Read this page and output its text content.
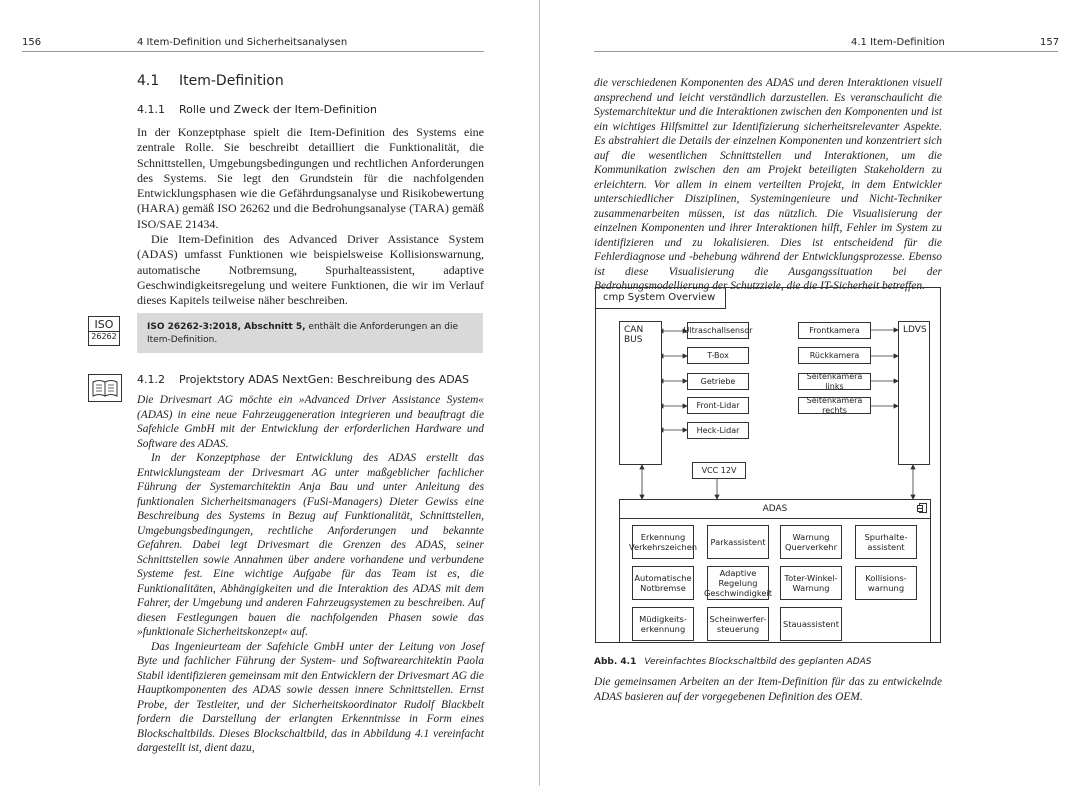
156	4 Item-Definition und Sicherheitsanalysen
4.1 Item-Definition
4.1.1 Rolle und Zweck der Item-Definition

In der Konzeptphase spielt die Item-Definition des Systems eine zentrale Rolle. Sie beschreibt detailliert die Funktionalität, die Schnittstellen, Umgebungsbedingungen und rechtlichen Anforderungen des Systems. Sie legt den Grundstein für die nachfolgenden Entwicklungsphasen wie die Gefährdungsanalyse und Risikobewertung (HARA) gemäß ISO 26262 und die Bedrohungsanalyse (TARA) gemäß ISO/SAE 21434.

Die Item-Definition des Advanced Driver Assistance System (ADAS) umfasst Funktionen wie beispielsweise Kollisionswarnung, automatische Notbremsung, Spurhalteassistent, adaptive Geschwindigkeitsregelung und weitere Funktionen, die wir im Verlauf dieses Kapitels teilweise näher beschreiben.

ISO
26262
ISO 26262-3:2018, Abschnitt 5, enthält die Anforderungen an die Item-Definition.
4.1.2 Projektstory ADAS NextGen: Beschreibung des ADAS

Die Drivesmart AG möchte ein »Advanced Driver Assistance System« (ADAS) in eine neue Fahrzeuggeneration integrieren und beauftragt die Safehicle GmbH mit der Entwicklung der erforderlichen Hardware und Software des ADAS.

In der Konzeptphase der Entwicklung des ADAS erstellt das Entwicklungsteam der Drivesmart AG unter maßgeblicher fachlicher Führung der Systemarchitektin Anja Bau und unter Anleitung des funktionalen Sicherheitsmanagers (FuSi-Managers) Dieter Gewiss eine Beschreibung des Systems in Bezug auf Funktionalität, Schnittstellen, Umgebungsbedingungen, rechtliche Anforderungen und bekannte Gefahren. Dabei legt Drivesmart die Grenzen des ADAS, seiner Schnittstellen sowie Annahmen über andere vorhandene und verbundene Systeme fest. Eine wichtige Aufgabe für das Team ist es, die Funktionalitäten, Abhängigkeiten und die Interaktion des ADAS mit dem Fahrer, der Umgebung und anderen Fahrzeugsystemen zu beschreiben. Auf diesen Festlegungen bauen die nachfolgenden Phasen sowie das »funktionale Sicherheitskonzept« auf.

Das Ingenieurteam der Safehicle GmbH unter der Leitung von Josef Byte und fachlicher Führung der System- und Softwarearchitektin Paola Stabil identifizieren gemeinsam mit den Entwicklern der Drivesmart AG die Hauptkomponenten des ADAS sowie dessen innere Schnittstellen. Ernst Probe, der Testleiter, und der Sicherheitskoordinator Rudolf Blackbelt fordern die Darstellung der erlangten Erkenntnisse in Form eines Blockschaltbilds. Dieses Blockschaltbild, das in Abbildung 4.1 vereinfacht dargestellt ist, dient dazu,

4.1 Item-Definition	157

die verschiedenen Komponenten des ADAS und deren Interaktionen visuell ansprechend und leicht verständlich darzustellen. Es veranschaulicht die Systemarchitektur und die Interaktionen zwischen den Komponenten und ist ein wichtiges Hilfsmittel zur Identifizierung sicherheitsrelevanter Aspekte. Es abstrahiert die Details der einzelnen Komponenten und konzentriert sich auf die wesentlichen Schnittstellen und Interaktionen, um die Kommunikation zwischen den am Projekt beteiligten Stakeholdern zu erleichtern. Vor allem in einem verteilten Projekt, in dem Entwickler unterschiedlicher Disziplinen, Systemingenieure und Nicht-Techniker zusammenarbeiten müssen, ist das nützlich. Die Visualisierung der einzelnen Komponenten und ihrer Interaktionen hilft, Fehler im System zu identifizieren und zu lokalisieren. Dies ist entscheidend für die Fehlerdiagnose und -behebung während der Entwicklungsprozesse. Ebenso ist diese Visualisierung die Ausgangssituation bei der Bedrohungsmodellierung der Schutzziele, die die IT-Sicherheit betreffen.

cmp System Overview
CAN BUS
LDVS
Ultraschallsensor
T-Box
Getriebe
Front-Lidar
Heck-Lidar
Frontkamera
Rückkamera
Seitenkamera links
Seitenkamera rechts
VCC 12V
ADAS
Erkennung
Verkehrszeichen Parkassistent	Warnung
Querverkehr
Spurhalte-
assistent
Automatische
Notbremse
Adaptive
Regelung
Geschwindigkeit
Toter-Winkel-
Warnung
Kollisions-
warnung
Müdigkeits-
erkennung
Scheinwerfer-
steuerung	Stauassistent
Abb. 4.1 Vereinfachtes Blockschaltbild des geplanten ADAS

Die gemeinsamen Arbeiten an der Item-Definition für das zu entwickelnde ADAS basieren auf der vorgegebenen Definition des OEM.
